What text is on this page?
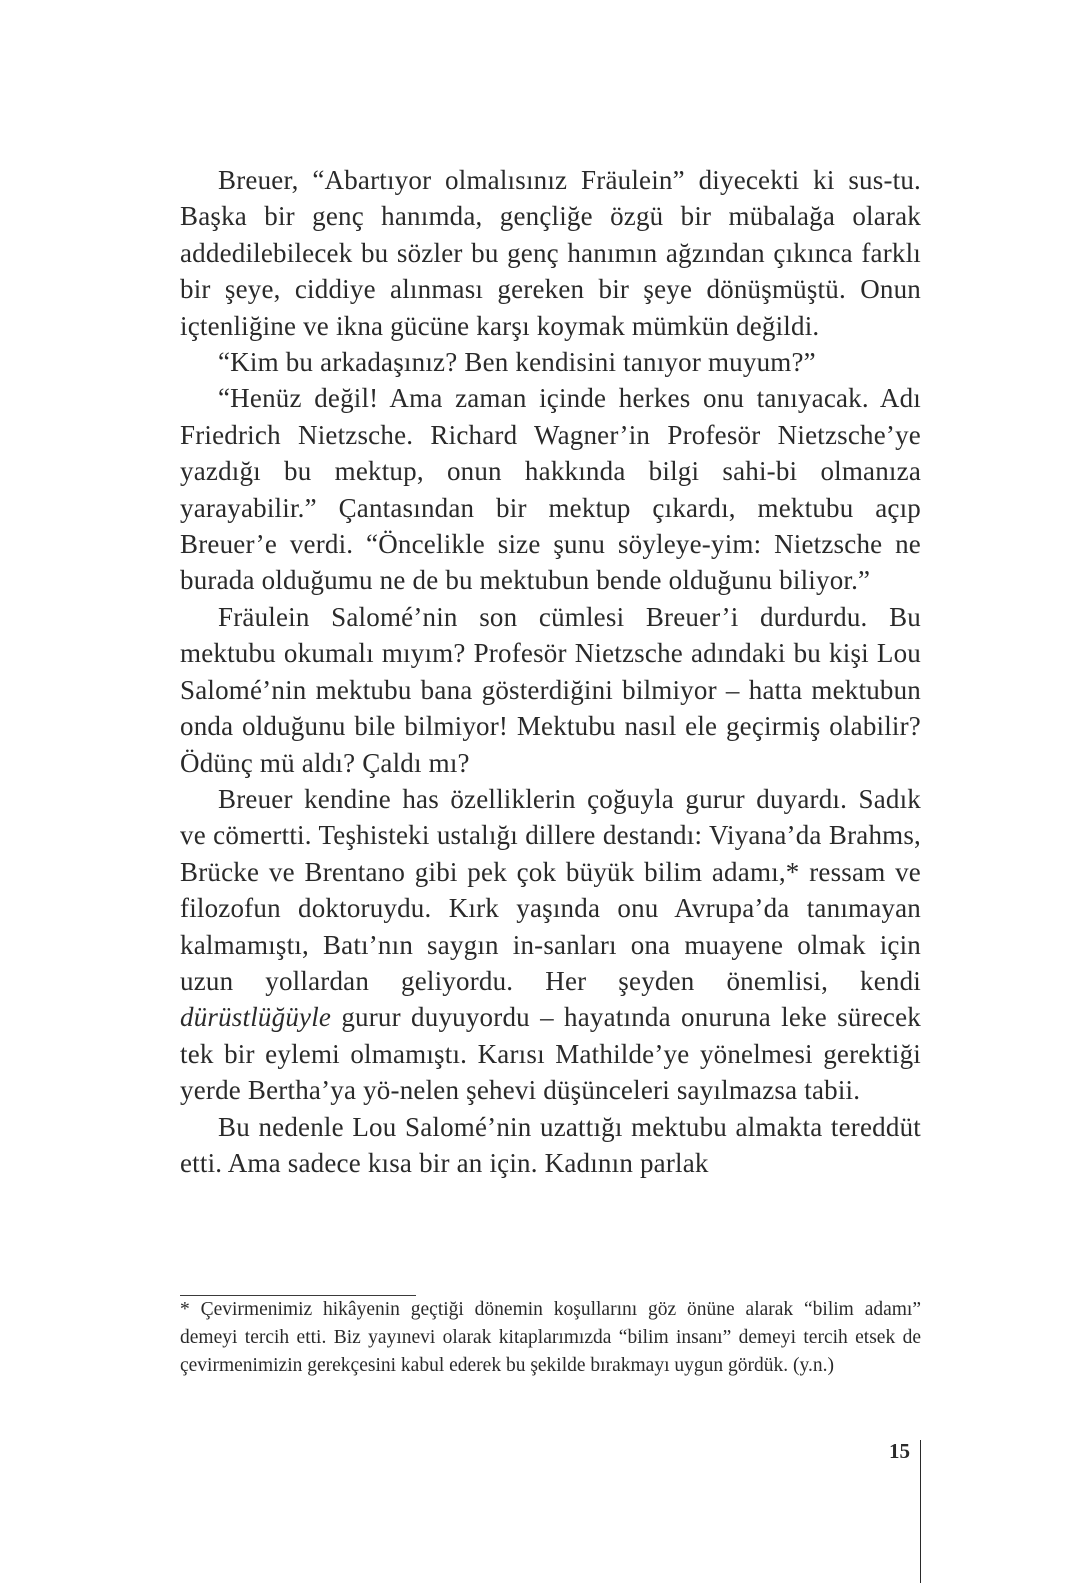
Breuer, “Abartıyor olmalısınız Fräulein” diyecekti ki sus-tu. Başka bir genç hanımda, gençliğe özgü bir mübalağa olarak addedilebilecek bu sözler bu genç hanımın ağzından çıkınca farklı bir şeye, ciddiye alınması gereken bir şeye dönüşmüştü. Onun içtenliğine ve ikna gücüne karşı koymak mümkün değildi.

“Kim bu arkadaşınız? Ben kendisini tanıyor muyum?”

“Henüz değil! Ama zaman içinde herkes onu tanıyacak. Adı Friedrich Nietzsche. Richard Wagner’in Profesör Nietzsche’ye yazdığı bu mektup, onun hakkında bilgi sahi-bi olmanıza yarayabilir.” Çantasından bir mektup çıkardı, mektubu açıp Breuer’e verdi. “Öncelikle size şunu söyleye-yim: Nietzsche ne burada olduğumu ne de bu mektubun bende olduğunu biliyor.”

Fräulein Salomé’nin son cümlesi Breuer’i durdurdu. Bu mektubu okumalı mıyım? Profesör Nietzsche adındaki bu kişi Lou Salomé’nin mektubu bana gösterdiğini bilmiyor – hatta mektubun onda olduğunu bile bilmiyor! Mektubu nasıl ele geçirmiş olabilir? Ödünç mü aldı? Çaldı mı?

Breuer kendine has özelliklerin çoğuyla gurur duyardı. Sadık ve cömertti. Teşhisteki ustalığı dillere destandı: Viyana’da Brahms, Brücke ve Brentano gibi pek çok büyük bilim adamı,* ressam ve filozofun doktoruydu. Kırk yaşında onu Avrupa’da tanımayan kalmamıştı, Batı’nın saygın in-sanları ona muayene olmak için uzun yollardan geliyordu. Her şeyden önemlisi, kendi dürüstlüğüyle gurur duyuyordu – hayatında onuruna leke sürecek tek bir eylemi olmamıştı. Karısı Mathilde’ye yönelmesi gerektiği yerde Bertha’ya yö-nelen şehevi düşünceleri sayılmazsa tabii.

Bu nedenle Lou Salomé’nin uzattığı mektubu almakta tereddüt etti. Ama sadece kısa bir an için. Kadının parlak

* Çevirmenimiz hikâyenin geçtiği dönemin koşullarını göz önüne alarak “bilim adamı” demeyi tercih etti. Biz yayınevi olarak kitaplarımızda “bilim insanı” demeyi tercih etsek de çevirmenimizin gerekçesini kabul ederek bu şekilde bırakmayı uygun gördük. (y.n.)

15
